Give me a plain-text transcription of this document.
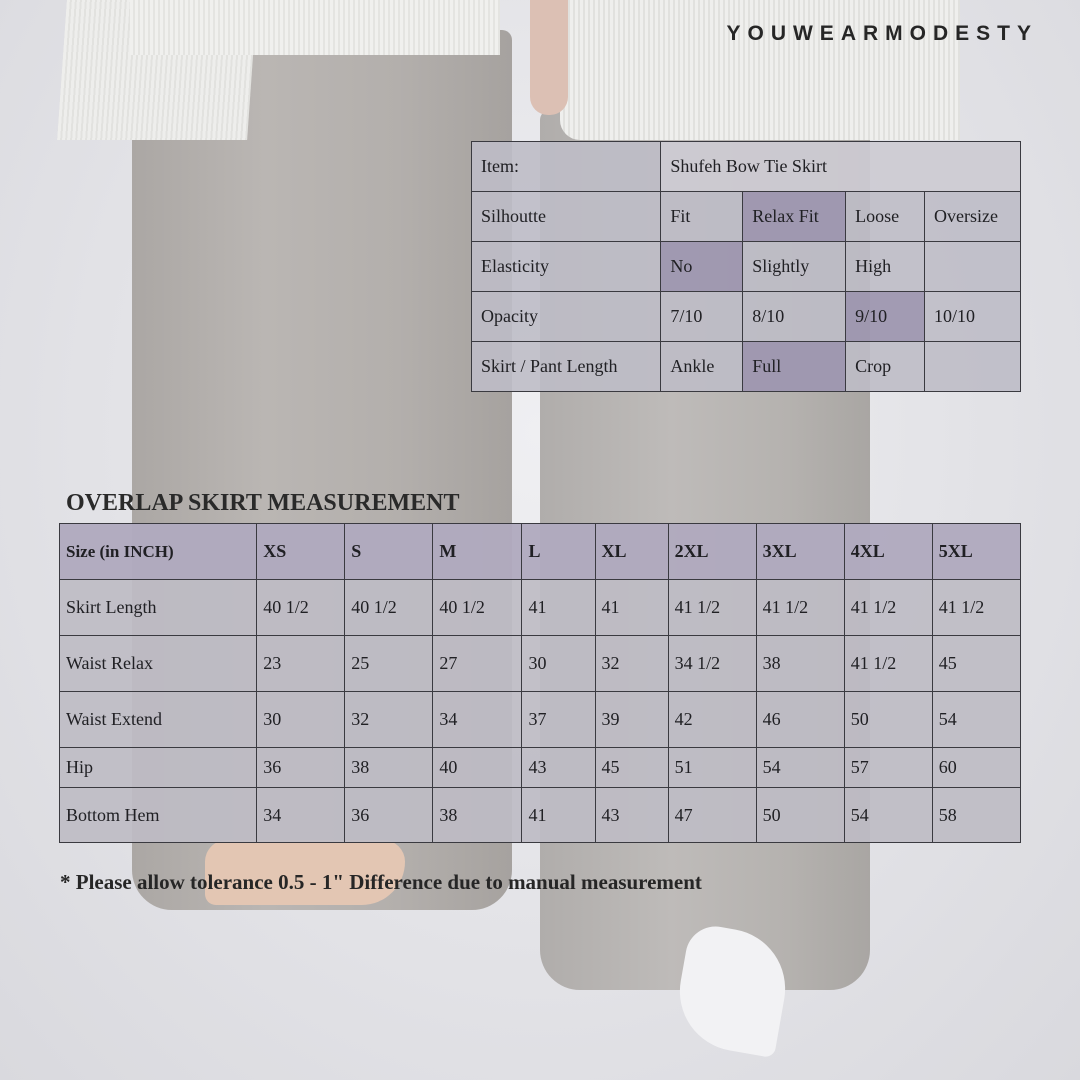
YOUWEARMODESTY
Item:	Shufeh Bow Tie Skirt			
Silhoutte	Fit	Relax Fit	Loose	Oversize
Elasticity	No	Slightly	High	
Opacity	7/10	8/10	9/10	10/10
Skirt / Pant Length	Ankle	Full	Crop	
OVERLAP SKIRT MEASUREMENT
Size (in INCH)	XS	S	M	L	XL	2XL	3XL	4XL	5XL
Skirt Length	40 1/2	40 1/2	40 1/2	41	41	41 1/2	41 1/2	41 1/2	41 1/2
Waist Relax	23	25	27	30	32	34 1/2	38	41 1/2	45
Waist Extend	30	32	34	37	39	42	46	50	54
Hip	36	38	40	43	45	51	54	57	60
Bottom Hem	34	36	38	41	43	47	50	54	58
* Please allow tolerance 0.5 - 1" Difference due to manual measurement
